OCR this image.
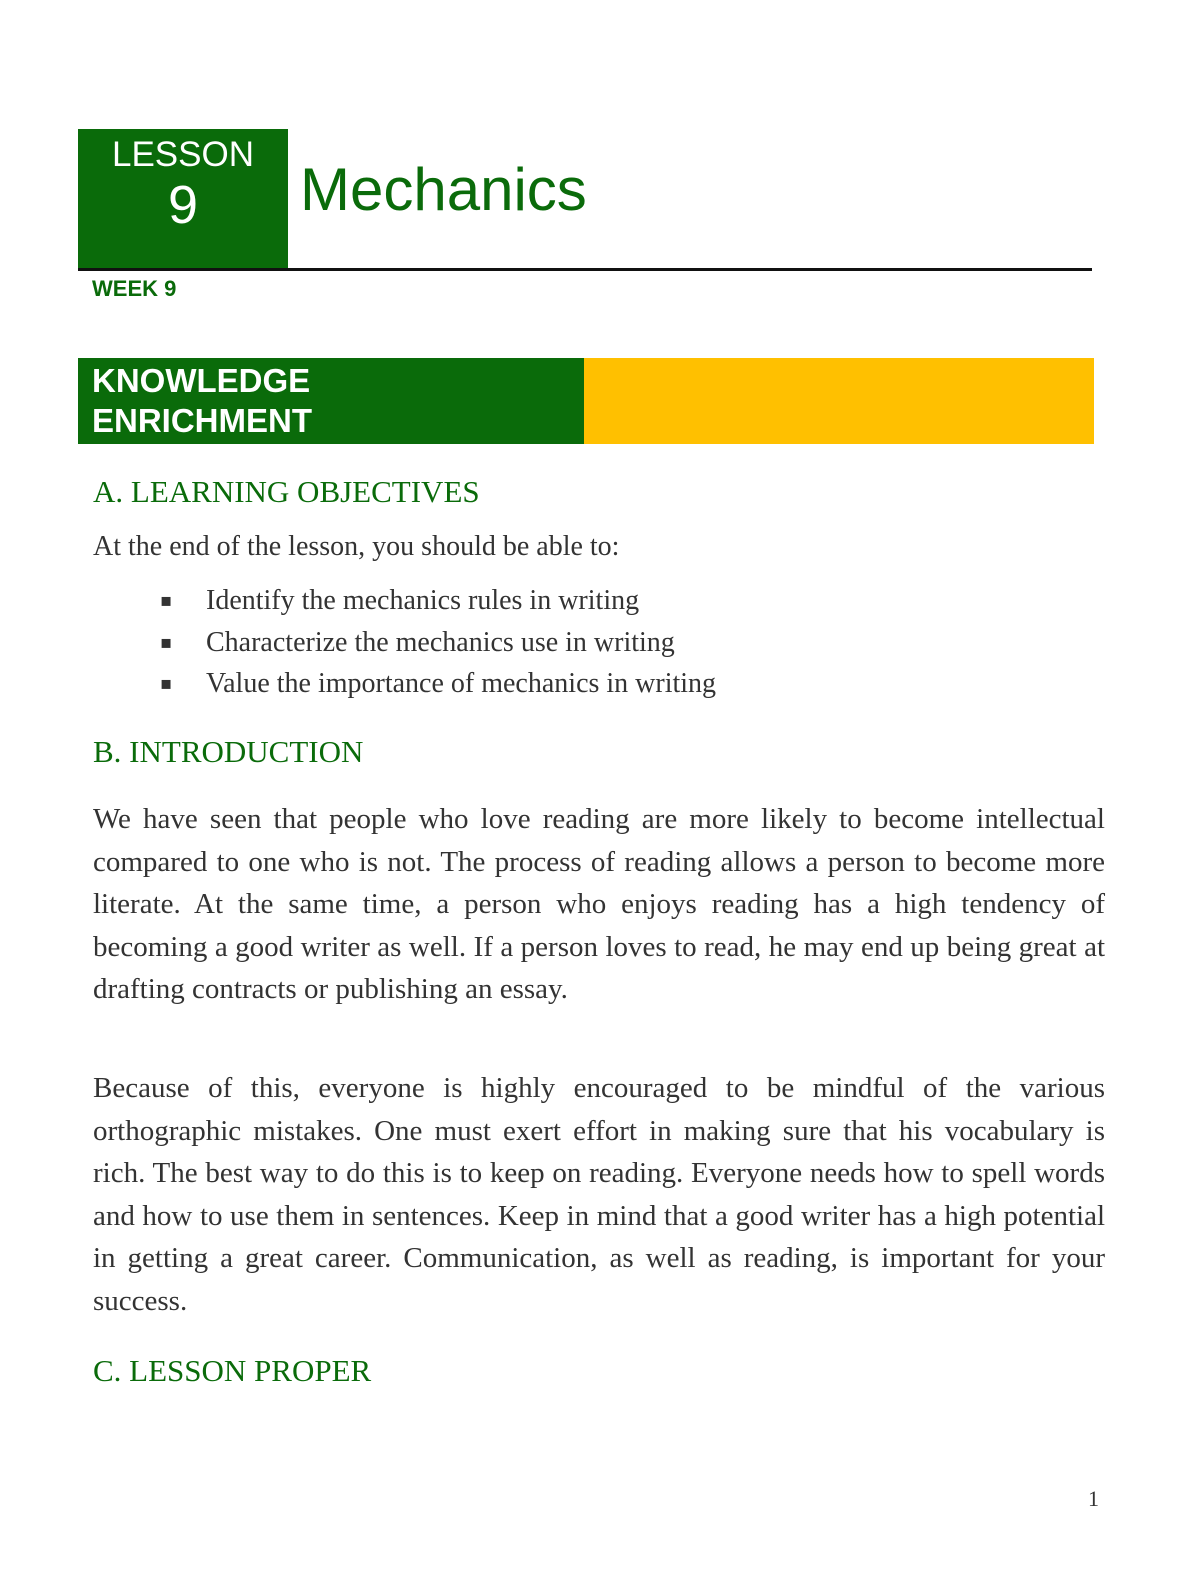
LESSON
9	Mechanics
WEEK 9
KNOWLEDGE
ENRICHMENT
A. LEARNING OBJECTIVES
At the end of the lesson, you should be able to:
▪	Identify the mechanics rules in writing
▪	Characterize the mechanics use in writing
▪	Value the importance of mechanics in writing
B. INTRODUCTION

We have seen that people who love reading are more likely to become intellectual compared to one who is not. The process of reading allows a person to become more literate. At the same time, a person who enjoys reading has a high tendency of becoming a good writer as well. If a person loves to read, he may end up being great at drafting contracts or publishing an essay.

Because of this, everyone is highly encouraged to be mindful of the various orthographic mistakes. One must exert effort in making sure that his vocabulary is rich. The best way to do this is to keep on reading. Everyone needs how to spell words and how to use them in sentences. Keep in mind that a good writer has a high potential in getting a great career. Communication, as well as reading, is important for your success.

C. LESSON PROPER
1
